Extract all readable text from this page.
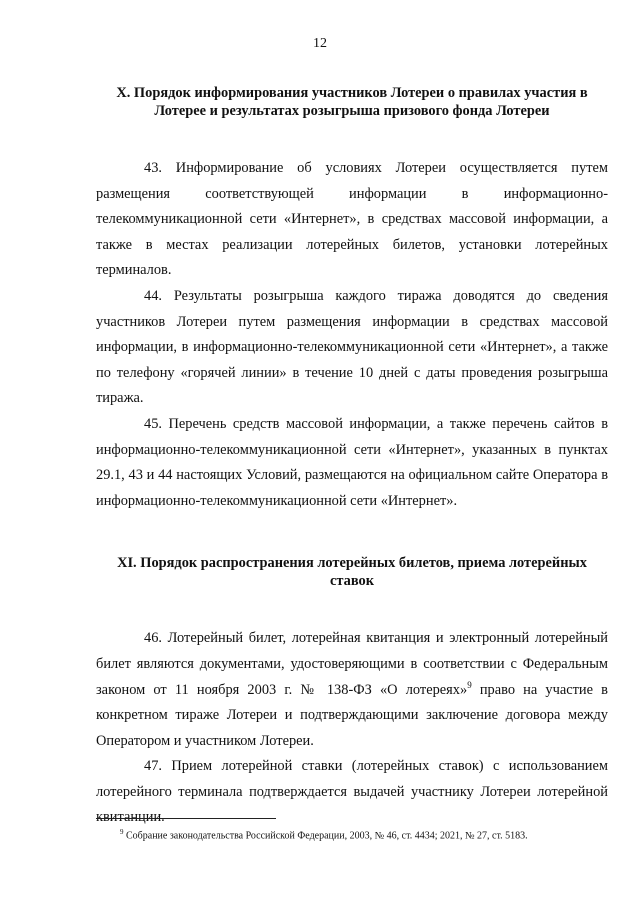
12
X. Порядок информирования участников Лотереи о правилах участия в Лотерее и результатах розыгрыша призового фонда Лотереи

43. Информирование об условиях Лотереи осуществляется путем размещения соответствующей информации в информационно-телекоммуникационной сети «Интернет», в средствах массовой информации, а также в местах реализации лотерейных билетов, установки лотерейных терминалов.

44. Результаты розыгрыша каждого тиража доводятся до сведения участников Лотереи путем размещения информации в средствах массовой информации, в информационно-телекоммуникационной сети «Интернет», а также по телефону «горячей линии» в течение 10 дней с даты проведения розыгрыша тиража.

45. Перечень средств массовой информации, а также перечень сайтов в информационно-телекоммуникационной сети «Интернет», указанных в пунктах 29.1, 43 и 44 настоящих Условий, размещаются на официальном сайте Оператора в информационно-телекоммуникационной сети «Интернет».

XI. Порядок распространения лотерейных билетов, приема лотерейных ставок

46. Лотерейный билет, лотерейная квитанция и электронный лотерейный билет являются документами, удостоверяющими в соответствии с Федеральным законом от 11 ноября 2003 г. № 138-ФЗ «О лотереях»$^9$ право на участие в конкретном тираже Лотереи и подтверждающими заключение договора между Оператором и участником Лотереи.

47. Прием лотерейной ставки (лотерейных ставок) с использованием лотерейного терминала подтверждается выдачей участнику Лотереи лотерейной квитанции.

$^9$ Собрание законодательства Российской Федерации, 2003, № 46, ст. 4434; 2021, № 27, ст. 5183.
